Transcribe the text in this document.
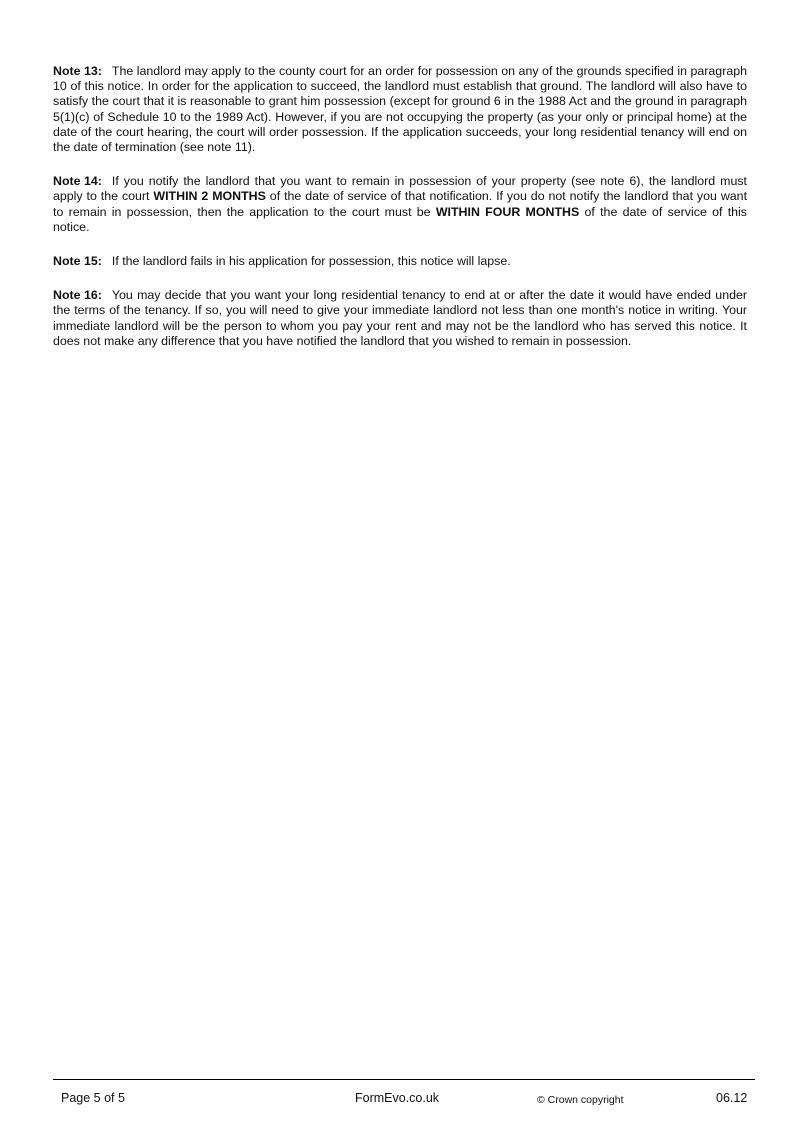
Note 13: The landlord may apply to the county court for an order for possession on any of the grounds specified in paragraph 10 of this notice. In order for the application to succeed, the landlord must establish that ground. The landlord will also have to satisfy the court that it is reasonable to grant him possession (except for ground 6 in the 1988 Act and the ground in paragraph 5(1)(c) of Schedule 10 to the 1989 Act). However, if you are not occupying the property (as your only or principal home) at the date of the court hearing, the court will order possession. If the application succeeds, your long residential tenancy will end on the date of termination (see note 11).

Note 14: If you notify the landlord that you want to remain in possession of your property (see note 6), the landlord must apply to the court WITHIN 2 MONTHS of the date of service of that notification. If you do not notify the landlord that you want to remain in possession, then the application to the court must be WITHIN FOUR MONTHS of the date of service of this notice.

Note 15: If the landlord fails in his application for possession, this notice will lapse.

Note 16: You may decide that you want your long residential tenancy to end at or after the date it would have ended under the terms of the tenancy. If so, you will need to give your immediate landlord not less than one month's notice in writing. Your immediate landlord will be the person to whom you pay your rent and may not be the landlord who has served this notice. It does not make any difference that you have notified the landlord that you wished to remain in possession.

Page 5 of 5	FormEvo.co.uk	© Crown copyright	06.12
